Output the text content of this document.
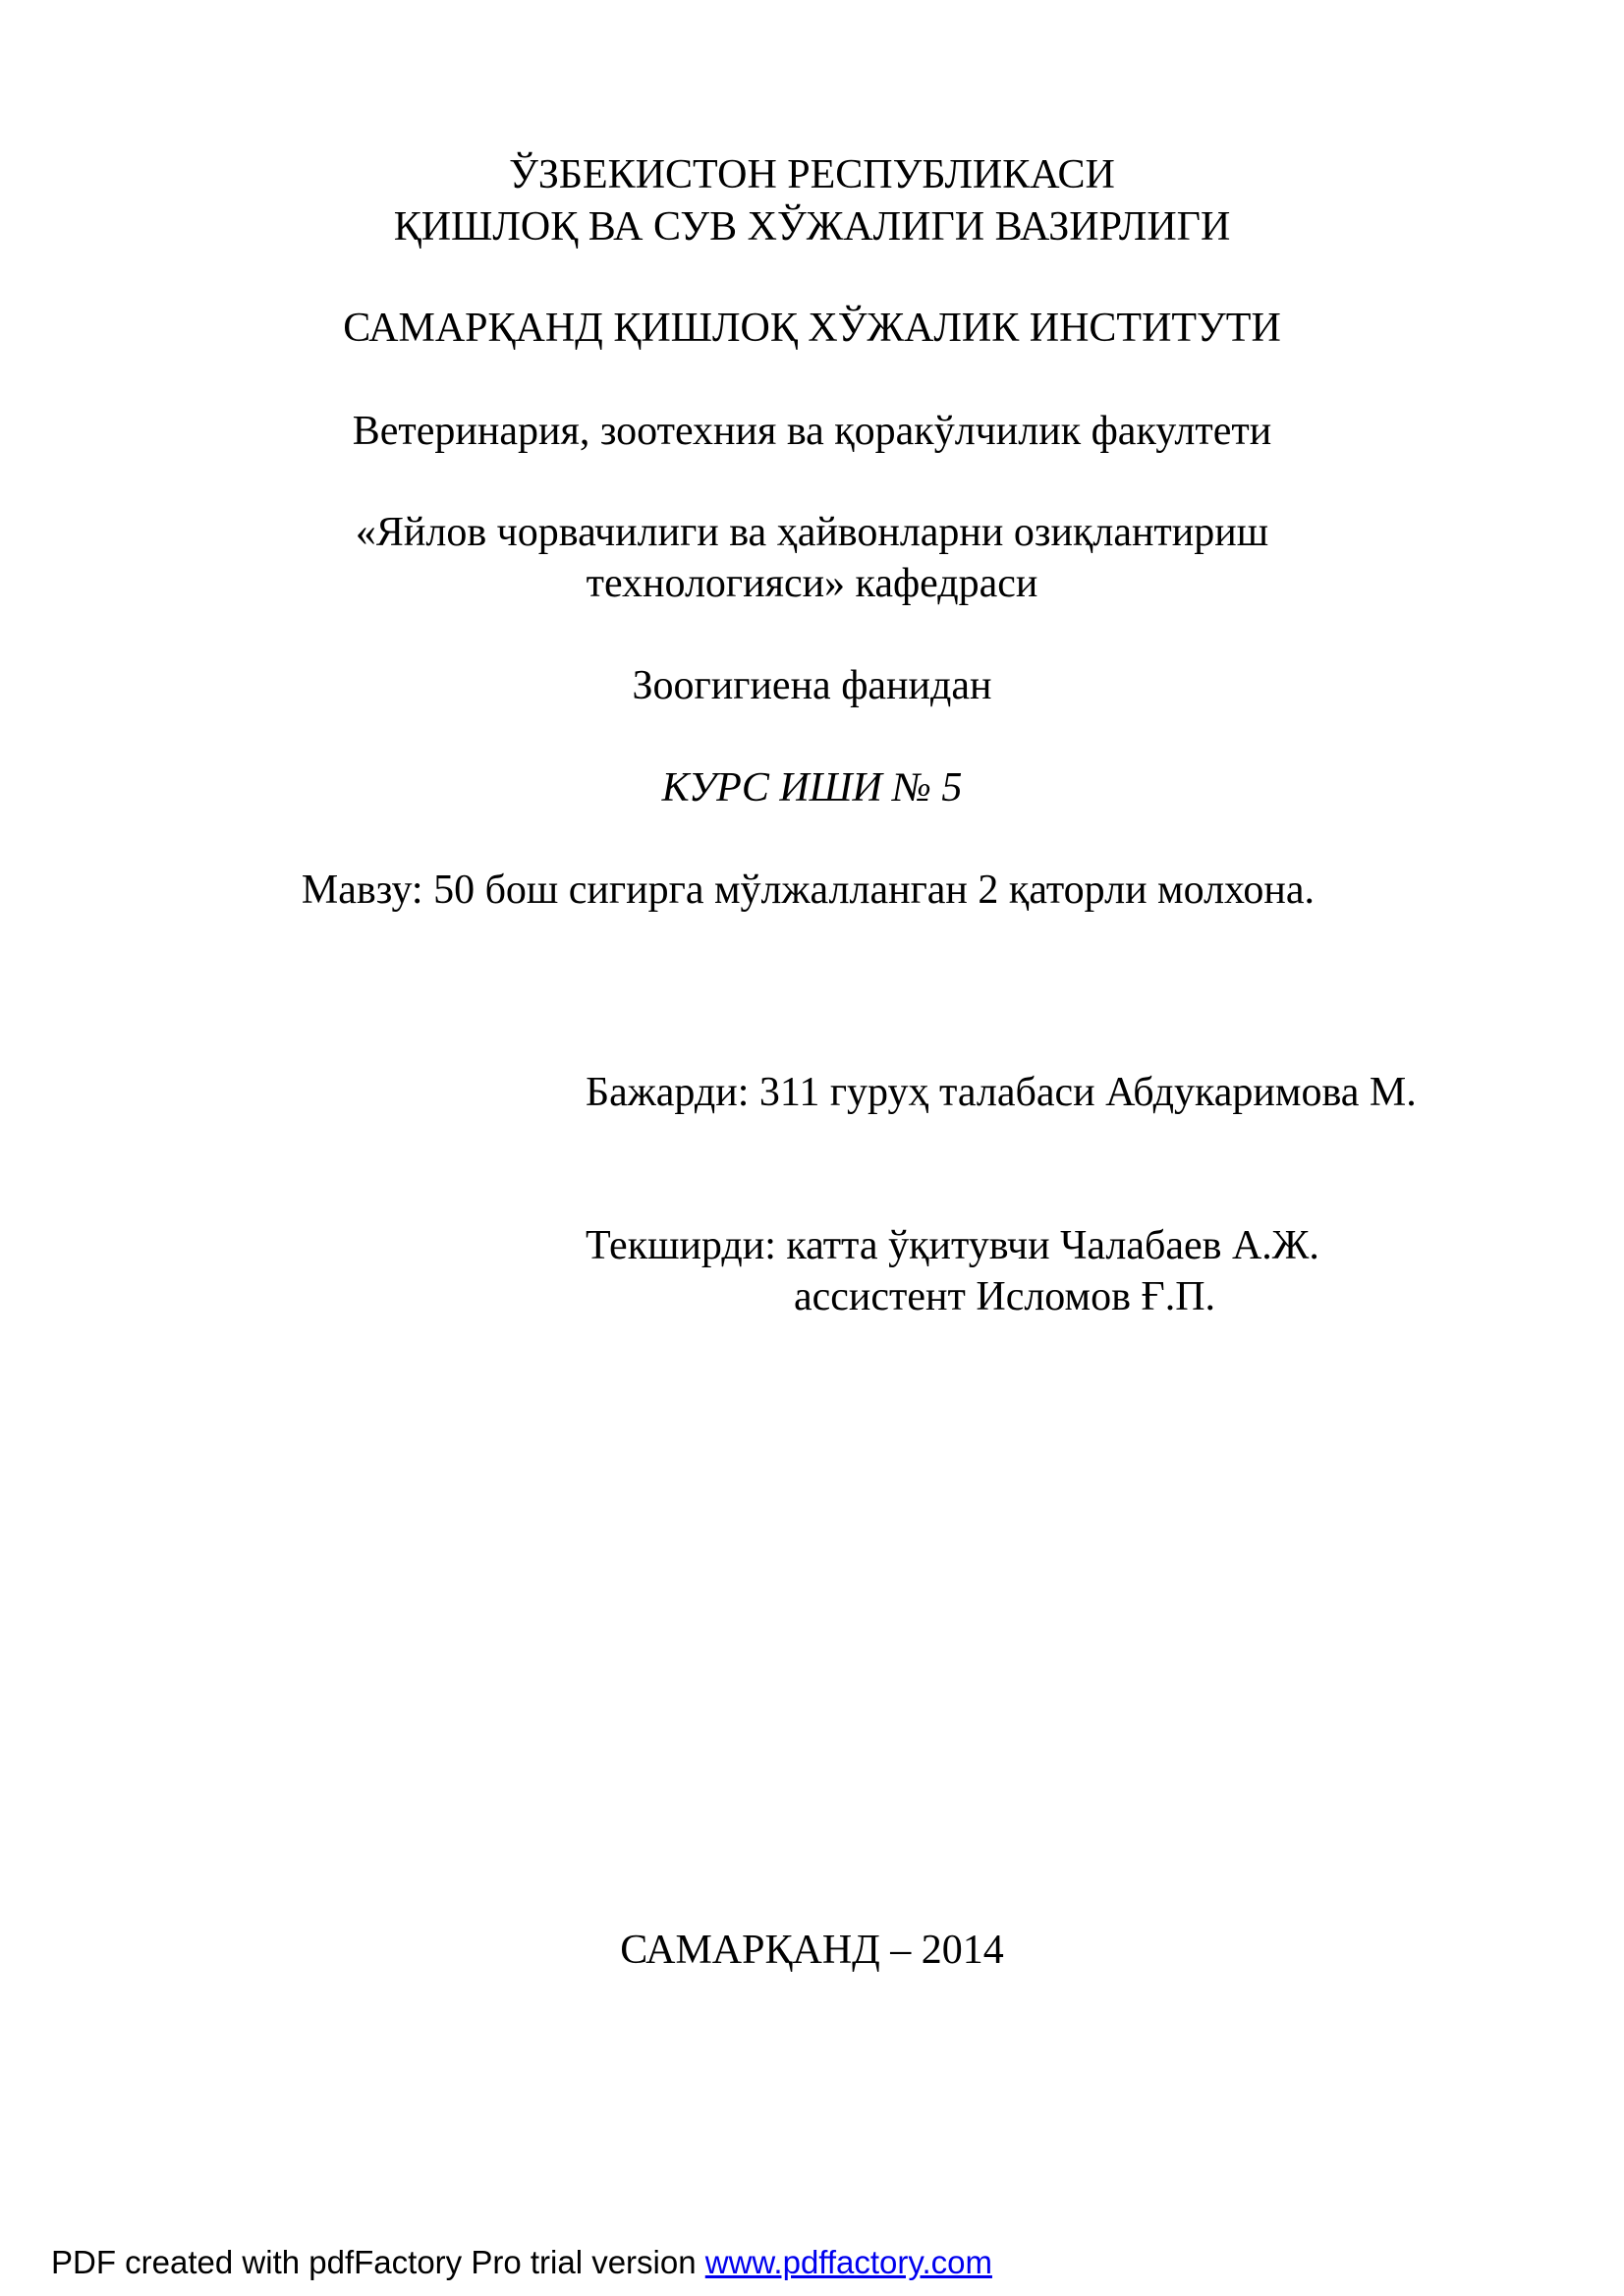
ЎЗБЕКИСТОН РЕСПУБЛИКАСИ
ҚИШЛОҚ ВА СУВ ХЎЖАЛИГИ ВАЗИРЛИГИ
САМАРҚАНД ҚИШЛОҚ ХЎЖАЛИК ИНСТИТУТИ
Ветеринария, зоотехния ва қоракўлчилик факултети
«Яйлов чорвачилиги ва ҳайвонларни озиқлантириш
технологияси» кафедраси
Зоогигиена фанидан
КУРС ИШИ № 5
Мавзу: 50 бош сигирга мўлжалланган 2 қаторли молхона.
Бажарди: 311 гуруҳ талабаси Абдукаримова М.
Текширди: катта ўқитувчи Чалабаев А.Ж.
ассистент Исломов Ғ.П.
САМАРҚАНД – 2014
PDF created with pdfFactory Pro trial version www.pdffactory.com
